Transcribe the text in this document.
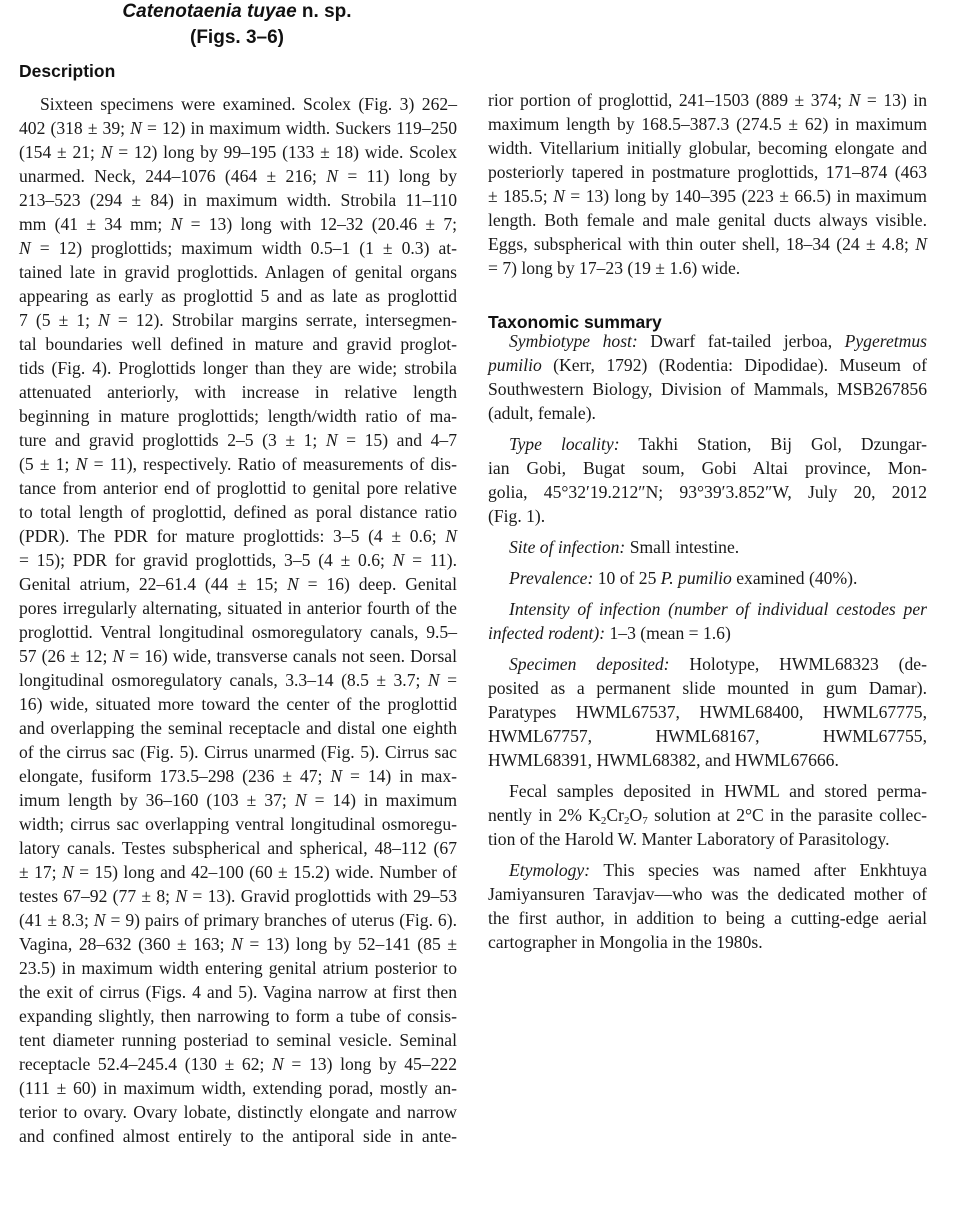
Catenotaenia tuyae n. sp.
(Figs. 3–6)
Description
Sixteen specimens were examined. Scolex (Fig. 3) 262–
402 (318 ± 39; N = 12) in maximum width. Suckers 119–250
(154 ± 21; N = 12) long by 99–195 (133 ± 18) wide. Scolex
unarmed. Neck, 244–1076 (464 ± 216; N = 11) long by
213–523 (294 ± 84) in maximum width. Strobila 11–110
mm (41 ± 34 mm; N = 13) long with 12–32 (20.46 ± 7;
N = 12) proglottids; maximum width 0.5–1 (1 ± 0.3) at-
tained late in gravid proglottids. Anlagen of genital organs
appearing as early as proglottid 5 and as late as proglottid
7 (5 ± 1; N = 12). Strobilar margins serrate, intersegmen-
tal boundaries well defined in mature and gravid proglot-
tids (Fig. 4). Proglottids longer than they are wide; strobila
attenuated anteriorly, with increase in relative length
beginning in mature proglottids; length/width ratio of ma-
ture and gravid proglottids 2–5 (3 ± 1; N = 15) and 4–7
(5 ± 1; N = 11), respectively. Ratio of measurements of dis-
tance from anterior end of proglottid to genital pore relative
to total length of proglottid, defined as poral distance ratio
(PDR). The PDR for mature proglottids: 3–5 (4 ± 0.6; N
= 15); PDR for gravid proglottids, 3–5 (4 ± 0.6; N = 11).
Genital atrium, 22–61.4 (44 ± 15; N = 16) deep. Genital
pores irregularly alternating, situated in anterior fourth of the
proglottid. Ventral longitudinal osmoregulatory canals, 9.5–
57 (26 ± 12; N = 16) wide, transverse canals not seen. Dorsal
longitudinal osmoregulatory canals, 3.3–14 (8.5 ± 3.7; N =
16) wide, situated more toward the center of the proglottid
and overlapping the seminal receptacle and distal one eighth
of the cirrus sac (Fig. 5). Cirrus unarmed (Fig. 5). Cirrus sac
elongate, fusiform 173.5–298 (236 ± 47; N = 14) in max-
imum length by 36–160 (103 ± 37; N = 14) in maximum
width; cirrus sac overlapping ventral longitudinal osmoregu-
latory canals. Testes subspherical and spherical, 48–112 (67
± 17; N = 15) long and 42–100 (60 ± 15.2) wide. Number of
testes 67–92 (77 ± 8; N = 13). Gravid proglottids with 29–53
(41 ± 8.3; N = 9) pairs of primary branches of uterus (Fig. 6).
Vagina, 28–632 (360 ± 163; N = 13) long by 52–141 (85 ±
23.5) in maximum width entering genital atrium posterior to
the exit of cirrus (Figs. 4 and 5). Vagina narrow at first then
expanding slightly, then narrowing to form a tube of consis-
tent diameter running posteriad to seminal vesicle. Seminal
receptacle 52.4–245.4 (130 ± 62; N = 13) long by 45–222
(111 ± 60) in maximum width, extending porad, mostly an-
terior to ovary. Ovary lobate, distinctly elongate and narrow
and confined almost entirely to the antiporal side in ante-
rior portion of proglottid, 241–1503 (889 ± 374; N = 13) in
maximum length by 168.5–387.3 (274.5 ± 62) in maximum
width. Vitellarium initially globular, becoming elongate and
posteriorly tapered in postmature proglottids, 171–874 (463
± 185.5; N = 13) long by 140–395 (223 ± 66.5) in maximum
length. Both female and male genital ducts always visible.
Eggs, subspherical with thin outer shell, 18–34 (24 ± 4.8; N
= 7) long by 17–23 (19 ± 1.6) wide.
Symbiotype host: Dwarf fat-tailed jerboa, Pygeretmus
pumilio (Kerr, 1792) (Rodentia: Dipodidae). Museum of
Southwestern Biology, Division of Mammals, MSB267856
(adult, female).
Type locality: Takhi Station, Bij Gol, Dzungar-
ian Gobi, Bugat soum, Gobi Altai province, Mon-
golia, 45°32′19.212″N; 93°39′3.852″W, July 20, 2012
(Fig. 1).
Site of infection: Small intestine.
Prevalence: 10 of 25 P. pumilio examined (40%).
Intensity of infection (number of individual cestodes per
infected rodent): 1–3 (mean = 1.6)
Specimen deposited: Holotype, HWML68323 (de-
posited as a permanent slide mounted in gum Damar).
Paratypes HWML67537, HWML68400, HWML67775,
HWML67757, HWML68167, HWML67755,
HWML68391, HWML68382, and HWML67666.
Fecal samples deposited in HWML and stored perma-
nently in 2% $K_2Cr_2O_7$ solution at 2°C in the parasite collec-
tion of the Harold W. Manter Laboratory of Parasitology.
Etymology: This species was named after Enkhtuya
Jamiyansuren Taravjav—who was the dedicated mother of
the first author, in addition to being a cutting-edge aerial
cartographer in Mongolia in the 1980s.
Taxonomic summary
